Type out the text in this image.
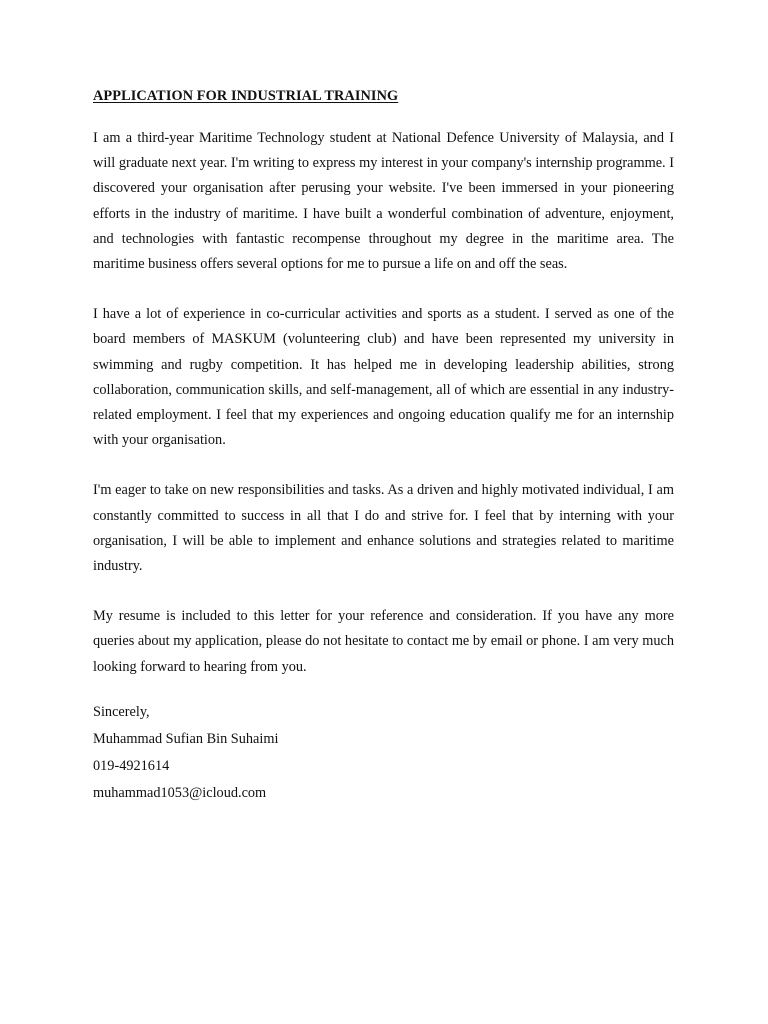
APPLICATION FOR INDUSTRIAL TRAINING

I am a third-year Maritime Technology student at National Defence University of Malaysia, and I will graduate next year. I'm writing to express my interest in your company's internship programme. I discovered your organisation after perusing your website. I've been immersed in your pioneering efforts in the industry of maritime. I have built a wonderful combination of adventure, enjoyment, and technologies with fantastic recompense throughout my degree in the maritime area. The maritime business offers several options for me to pursue a life on and off the seas.

I have a lot of experience in co-curricular activities and sports as a student. I served as one of the board members of MASKUM (volunteering club) and have been represented my university in swimming and rugby competition. It has helped me in developing leadership abilities, strong collaboration, communication skills, and self-management, all of which are essential in any industry-related employment. I feel that my experiences and ongoing education qualify me for an internship with your organisation.

I'm eager to take on new responsibilities and tasks. As a driven and highly motivated individual, I am constantly committed to success in all that I do and strive for. I feel that by interning with your organisation, I will be able to implement and enhance solutions and strategies related to maritime industry.

My resume is included to this letter for your reference and consideration. If you have any more queries about my application, please do not hesitate to contact me by email or phone. I am very much looking forward to hearing from you.

Sincerely,
Muhammad Sufian Bin Suhaimi
019-4921614
muhammad1053@icloud.com
